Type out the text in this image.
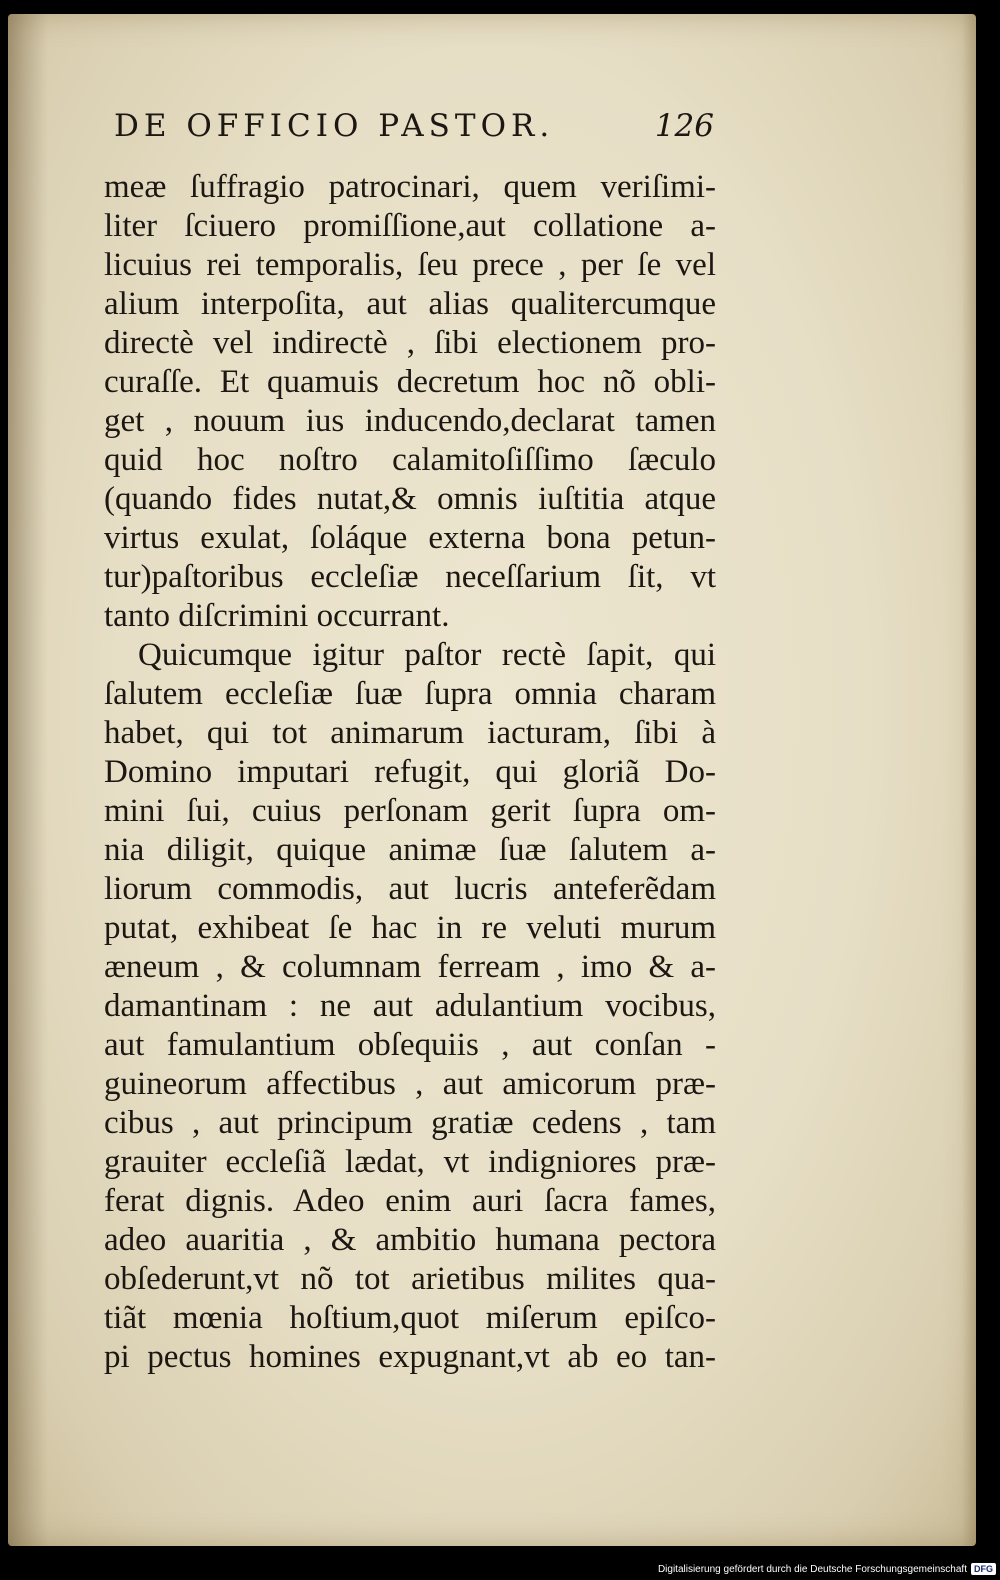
DE OFFICIO PASTOR.	126
meæ ſuffragio patrocinari, quem veriſimi-
liter ſciuero promiſſione,aut collatione a-
licuius rei temporalis, ſeu prece , per ſe vel
alium interpoſita, aut alias qualitercumque
directè vel indirectè , ſibi electionem pro-
curaſſe. Et quamuis decretum hoc nõ obli-
get , nouum ius inducendo,declarat tamen
quid hoc noſtro calamitoſiſſimo ſæculo
(quando fides nutat,& omnis iuſtitia atque
virtus exulat, ſoláque externa bona petun-
tur)paſtoribus eccleſiæ neceſſarium ſit, vt
tanto diſcrimini occurrant.
Quicumque igitur paſtor rectè ſapit, qui
ſalutem eccleſiæ ſuæ ſupra omnia charam
habet, qui tot animarum iacturam, ſibi à
Domino imputari refugit, qui gloriã Do-
mini ſui, cuius perſonam gerit ſupra om-
nia diligit, quique animæ ſuæ ſalutem a-
liorum commodis, aut lucris anteferẽdam
putat, exhibeat ſe hac in re veluti murum
æneum , & columnam ferream , imo & a-
damantinam : ne aut adulantium vocibus,
aut famulantium obſequiis , aut conſan -
guineorum affectibus , aut amicorum præ-
cibus , aut principum gratiæ cedens , tam
grauiter eccleſiã lædat, vt indigniores præ-
ferat dignis. Adeo enim auri ſacra fames,
adeo auaritia , & ambitio humana pectora
obſederunt,vt nõ tot arietibus milites qua-
tiãt mœnia hoſtium,quot miſerum epiſco-
pi pectus homines expugnant,vt ab eo tan-
Digitalisierung gefördert durch die Deutsche Forschungsgemeinschaft DFG
